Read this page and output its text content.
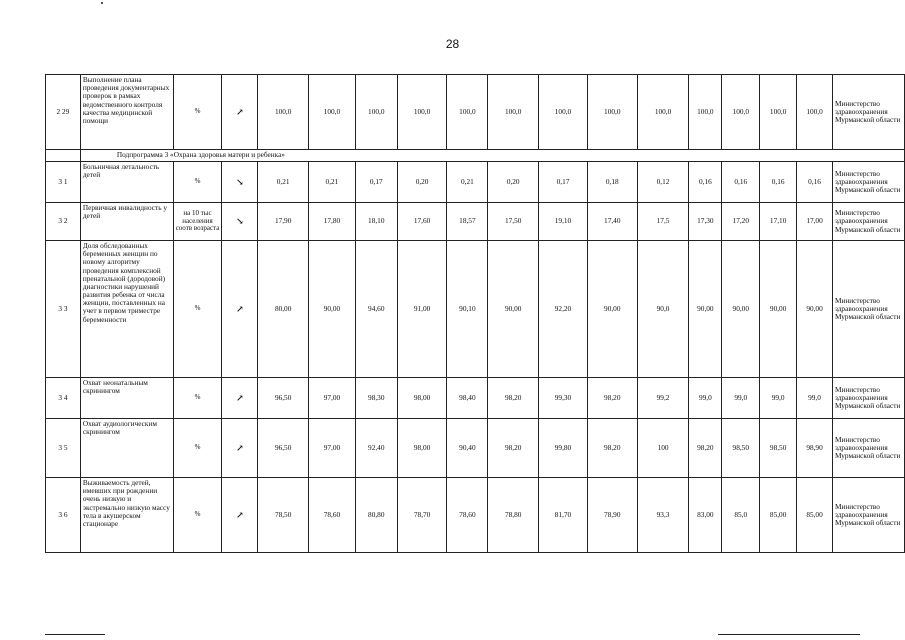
28
2 29	Выполнение плана проведения документарных проверок в рамках ведомственного контроля качества медицинской помощи	%	↗	100,0	100,0	100,0	100,0	100,0	100,0	100,0	100,0	100,0	100,0	100,0	100,0	100,0	Министерство здравоохранения Мурманской области
	Подпрограмма 3 «Охрана здоровья матери и ребенка»																
3 1	Больничная летальность детей	%	↘	0,21	0,21	0,17	0,20	0,21	0,20	0,17	0,18	0,12	0,16	0,16	0,16	0,16	Министерство здравоохранения Мурманской области
3 2	Первичная инвалидность у детей	на 10 тыс населения соотв возраста	↘	17,90	17,80	18,10	17,60	18,57	17,50	19,10	17,40	17,5	17,30	17,20	17,10	17,00	Министерство здравоохранения Мурманской области
3 3	Доля обследованных беременных женщин по новому алгоритму проведения комплексной пренатальной (дородовой) диагностики нарушений развития ребенка от числа женщин, поставленных на учет в первом триместре беременности	%	↗	80,00	90,00	94,60	91,00	90,10	90,00	92,20	90,00	90,0	90,00	90,00	90,00	90,00	Министерство здравоохранения Мурманской области
3 4	Охват неонатальным скринингом	%	↗	96,50	97,00	98,30	98,00	98,40	98,20	99,30	98,20	99,2	99,0	99,0	99,0	99,0	Министерство здравоохранения Мурманской области
3 5	Охват аудиологическим скринингом	%	↗	96,50	97,00	92,40	98,00	90,40	98,20	99,80	98,20	100	98,20	98,50	98,50	98,90	Министерство здравоохранения Мурманской области
3 6	Выживаемость детей, имевших при рождении очень низкую и экстремально низкую массу тела в акушерском стационаре	%	↗	78,50	78,60	80,80	78,70	78,60	78,80	81,70	78,90	93,3	83,00	85,0	85,00	85,00	Министерство здравоохранения Мурманской области
